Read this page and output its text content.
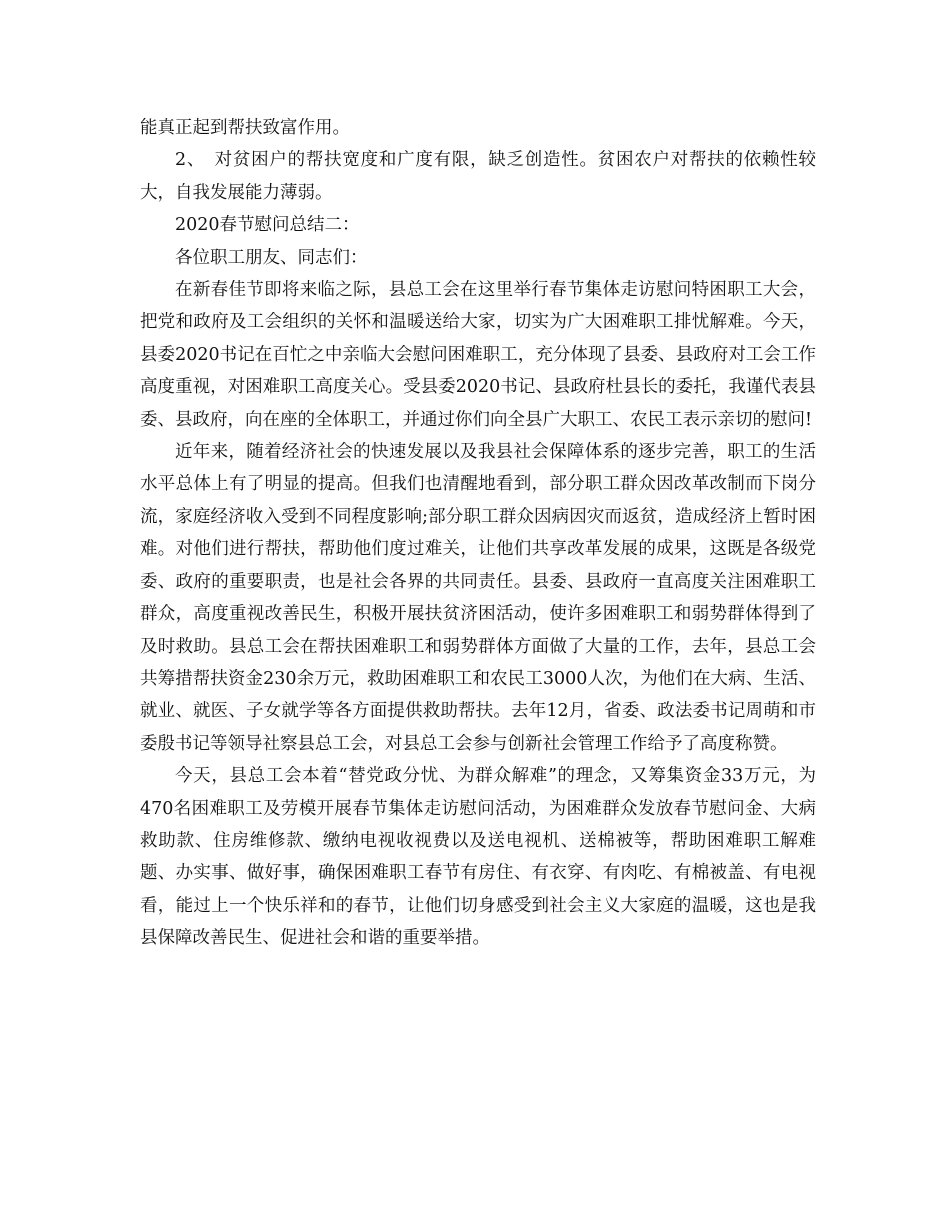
能真正起到帮扶致富作用。

2、　对贫困户的帮扶宽度和广度有限，缺乏创造性。贫困农户对帮扶的依赖性较大，自我发展能力薄弱。

2020春节慰问总结二：

各位职工朋友、同志们：

在新春佳节即将来临之际，县总工会在这里举行春节集体走访慰问特困职工大会，把党和政府及工会组织的关怀和温暖送给大家，切实为广大困难职工排忧解难。今天，县委2020书记在百忙之中亲临大会慰问困难职工，充分体现了县委、县政府对工会工作高度重视，对困难职工高度关心。受县委2020书记、县政府杜县长的委托，我谨代表县委、县政府，向在座的全体职工，并通过你们向全县广大职工、农民工表示亲切的慰问!

近年来，随着经济社会的快速发展以及我县社会保障体系的逐步完善，职工的生活水平总体上有了明显的提高。但我们也清醒地看到，部分职工群众因改革改制而下岗分流，家庭经济收入受到不同程度影响;部分职工群众因病因灾而返贫，造成经济上暂时困难。对他们进行帮扶，帮助他们度过难关，让他们共享改革发展的成果，这既是各级党委、政府的重要职责，也是社会各界的共同责任。县委、县政府一直高度关注困难职工群众，高度重视改善民生，积极开展扶贫济困活动，使许多困难职工和弱势群体得到了及时救助。县总工会在帮扶困难职工和弱势群体方面做了大量的工作，去年，县总工会共筹措帮扶资金230余万元，救助困难职工和农民工3000人次，为他们在大病、生活、就业、就医、子女就学等各方面提供救助帮扶。去年12月，省委、政法委书记周萌和市委殷书记等领导社察县总工会，对县总工会参与创新社会管理工作给予了高度称赞。

今天，县总工会本着“替党政分忧、为群众解难”的理念，又筹集资金33万元，为470名困难职工及劳模开展春节集体走访慰问活动，为困难群众发放春节慰问金、大病救助款、住房维修款、缴纳电视收视费以及送电视机、送棉被等，帮助困难职工解难题、办实事、做好事，确保困难职工春节有房住、有衣穿、有肉吃、有棉被盖、有电视看，能过上一个快乐祥和的春节，让他们切身感受到社会主义大家庭的温暖，这也是我县保障改善民生、促进社会和谐的重要举措。
